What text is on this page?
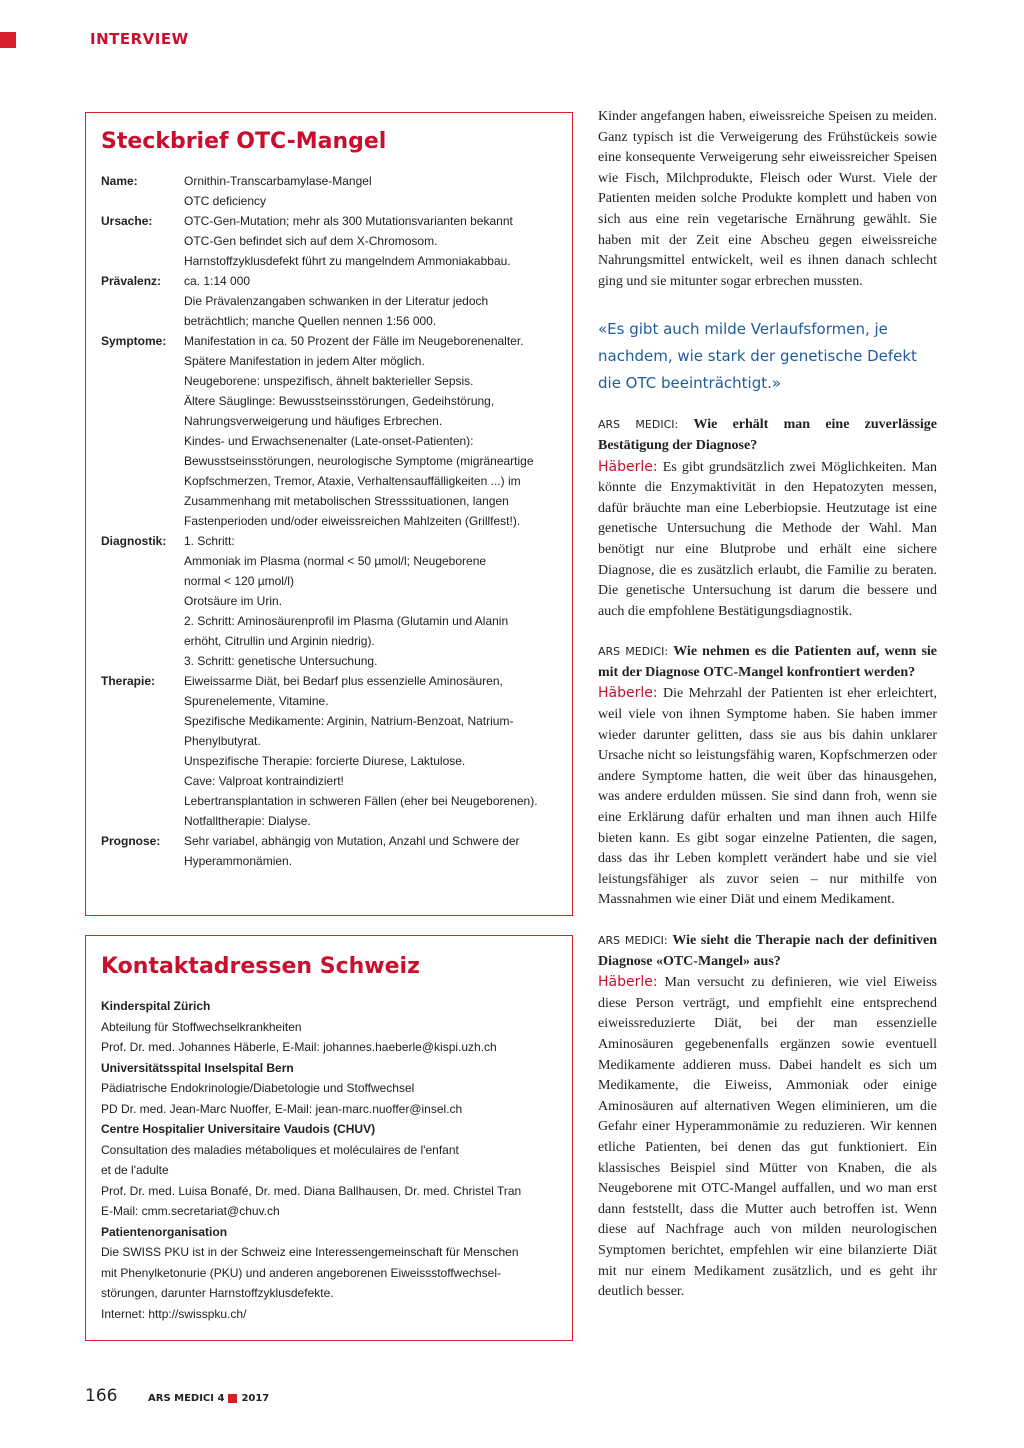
INTERVIEW
Steckbrief OTC-Mangel
Name:	Ornithin-Transcarbamylase-Mangel
OTC deficiency
Ursache:	OTC-Gen-Mutation; mehr als 300 Mutationsvarianten bekannt
OTC-Gen befindet sich auf dem X-Chromosom.
Harnstoffzyklusdefekt führt zu mangelndem Ammoniakabbau.
Prävalenz:	ca. 1:14 000
Die Prävalenzangaben schwanken in der Literatur jedoch
beträchtlich; manche Quellen nennen 1:56 000.
Symptome:	Manifestation in ca. 50 Prozent der Fälle im Neugeborenenalter.
Spätere Manifestation in jedem Alter möglich.
Neugeborene: unspezifisch, ähnelt bakterieller Sepsis.
Ältere Säuglinge: Bewusstseinsstörungen, Gedeihstörung,
Nahrungsverweigerung und häufiges Erbrechen.
Kindes- und Erwachsenenalter (Late-onset-Patienten):
Bewusstseinsstörungen, neurologische Symptome (migräneartige
Kopfschmerzen, Tremor, Ataxie, Verhaltensauffälligkeiten ...) im
Zusammenhang mit metabolischen Stresssituationen, langen
Fastenperioden und/oder eiweissreichen Mahlzeiten (Grillfest!).
Diagnostik:	1. Schritt:
Ammoniak im Plasma (normal < 50 µmol/l; Neugeborene
normal < 120 µmol/l)
Orotsäure im Urin.
2. Schritt: Aminosäurenprofil im Plasma (Glutamin und Alanin
erhöht, Citrullin und Arginin niedrig).
3. Schritt: genetische Untersuchung.
Therapie:	Eiweissarme Diät, bei Bedarf plus essenzielle Aminosäuren,
Spurenelemente, Vitamine.
Spezifische Medikamente: Arginin, Natrium-Benzoat, Natrium-
Phenylbutyrat.
Unspezifische Therapie: forcierte Diurese, Laktulose.
Cave: Valproat kontraindiziert!
Lebertransplantation in schweren Fällen (eher bei Neugeborenen).
Notfalltherapie: Dialyse.
Prognose:	Sehr variabel, abhängig von Mutation, Anzahl und Schwere der
Hyperammonämien.
Kontaktadressen Schweiz
Kinderspital Zürich
Abteilung für Stoffwechselkrankheiten
Prof. Dr. med. Johannes Häberle, E-Mail: johannes.haeberle@kispi.uzh.ch
Universitätsspital Inselspital Bern
Pädiatrische Endokrinologie/Diabetologie und Stoffwechsel
PD Dr. med. Jean-Marc Nuoffer, E-Mail: jean-marc.nuoffer@insel.ch
Centre Hospitalier Universitaire Vaudois (CHUV)
Consultation des maladies métaboliques et moléculaires de l'enfant
et de l'adulte
Prof. Dr. med. Luisa Bonafé, Dr. med. Diana Ballhausen, Dr. med. Christel Tran
E-Mail: cmm.secretariat@chuv.ch
Patientenorganisation
Die SWISS PKU ist in der Schweiz eine Interessengemeinschaft für Menschen
mit Phenylketonurie (PKU) und anderen angeborenen Eiweissstoffwechsel-
störungen, darunter Harnstoffzyklusdefekte.
Internet: http://swisspku.ch/

Kinder angefangen haben, eiweissreiche Speisen zu meiden. Ganz typisch ist die Verweigerung des Frühstückeis sowie eine konsequente Verweigerung sehr eiweissreicher Speisen wie Fisch, Milchprodukte, Fleisch oder Wurst. Viele der Patienten meiden solche Produkte komplett und haben von sich aus eine rein vegetarische Ernährung gewählt. Sie haben mit der Zeit eine Abscheu gegen eiweissreiche Nahrungsmittel entwickelt, weil es ihnen danach schlecht ging und sie mitunter sogar erbrechen mussten.

«Es gibt auch milde Verlaufsformen, je nachdem, wie stark der genetische Defekt die OTC beeinträchtigt.»

ARS MEDICI: Wie erhält man eine zuverlässige Bestätigung der Diagnose?

Häberle: Es gibt grundsätzlich zwei Möglichkeiten. Man könnte die Enzymaktivität in den Hepatozyten messen, dafür bräuchte man eine Leberbiopsie. Heutzutage ist eine genetische Untersuchung die Methode der Wahl. Man benötigt nur eine Blutprobe und erhält eine sichere Diagnose, die es zusätzlich erlaubt, die Familie zu beraten. Die genetische Untersuchung ist darum die bessere und auch die empfohlene Bestätigungsdiagnostik.

ARS MEDICI: Wie nehmen es die Patienten auf, wenn sie mit der Diagnose OTC-Mangel konfrontiert werden?

Häberle: Die Mehrzahl der Patienten ist eher erleichtert, weil viele von ihnen Symptome haben. Sie haben immer wieder darunter gelitten, dass sie aus bis dahin unklarer Ursache nicht so leistungsfähig waren, Kopfschmerzen oder andere Symptome hatten, die weit über das hinausgehen, was andere erdulden müssen. Sie sind dann froh, wenn sie eine Erklärung dafür erhalten und man ihnen auch Hilfe bieten kann. Es gibt sogar einzelne Patienten, die sagen, dass das ihr Leben komplett verändert habe und sie viel leistungsfähiger als zuvor seien – nur mithilfe von Massnahmen wie einer Diät und einem Medikament.

ARS MEDICI: Wie sieht die Therapie nach der definitiven Diagnose «OTC-Mangel» aus?

Häberle: Man versucht zu definieren, wie viel Eiweiss diese Person verträgt, und empfiehlt eine entsprechend eiweissreduzierte Diät, bei der man essenzielle Aminosäuren gegebenenfalls ergänzen sowie eventuell Medikamente addieren muss. Dabei handelt es sich um Medikamente, die Eiweiss, Ammoniak oder einige Aminosäuren auf alternativen Wegen eliminieren, um die Gefahr einer Hyperammonämie zu reduzieren. Wir kennen etliche Patienten, bei denen das gut funktioniert. Ein klassisches Beispiel sind Mütter von Knaben, die als Neugeborene mit OTC-Mangel auffallen, und wo man erst dann feststellt, dass die Mutter auch betroffen ist. Wenn diese auf Nachfrage auch von milden neurologischen Symptomen berichtet, empfehlen wir eine bilanzierte Diät mit nur einem Medikament zusätzlich, und es geht ihr deutlich besser.

166	ARS MEDICI 4 2017
